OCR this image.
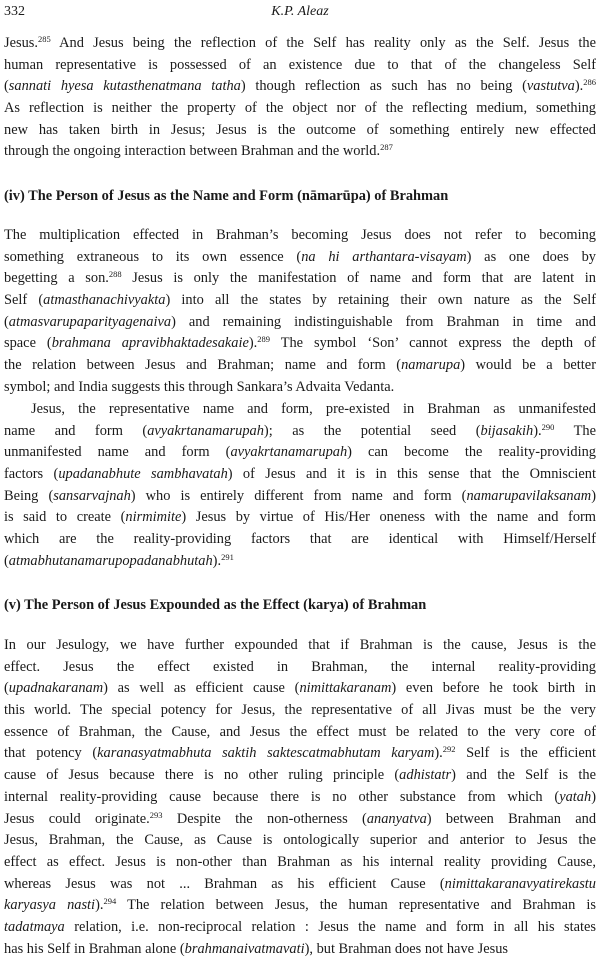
332	K.P. Aleaz
Jesus.$^{285}$ And Jesus being the reflection of the Self has reality only as the Self. Jesus the
human representative is possessed of an existence due to that of the changeless Self
(sannati hyesa kutasthenatmana tatha) though reflection as such has no being (vastutva).$^{286}$
As reflection is neither the property of the object nor of the reflecting medium, something
new has taken birth in Jesus; Jesus is the outcome of something entirely new effected
through the ongoing interaction between Brahman and the world.$^{287}$
(iv) The Person of Jesus as the Name and Form (nāmarūpa) of Brahman
The multiplication effected in Brahman’s becoming Jesus does not refer to becoming
something extraneous to its own essence (na hi arthantara-visayam) as one does by
begetting a son.$^{288}$ Jesus is only the manifestation of name and form that are latent in
Self (atmasthanachivyakta) into all the states by retaining their own nature as the Self
(atmasvarupaparityagenaiva) and remaining indistinguishable from Brahman in time and
space (brahmana apravibhaktadesakaie).$^{289}$ The symbol ‘Son’ cannot express the depth of
the relation between Jesus and Brahman; name and form (namarupa) would be a better
symbol; and India suggests this through Sankara’s Advaita Vedanta.
Jesus, the representative name and form, pre-existed in Brahman as unmanifested
name and form (avyakrtanamarupah); as the potential seed (bijasakih).$^{290}$ The
unmanifested name and form (avyakrtanamarupah) can become the reality-providing
factors (upadanabhute sambhavatah) of Jesus and it is in this sense that the Omniscient
Being (sansarvajnah) who is entirely different from name and form (namarupavilaksanam)
is said to create (nirmimite) Jesus by virtue of His/Her oneness with the name and form
which are the reality-providing factors that are identical with Himself/Herself
(atmabhutanamarupopadanabhutah).$^{291}$
(v) The Person of Jesus Expounded as the Effect (karya) of Brahman
In our Jesulogy, we have further expounded that if Brahman is the cause, Jesus is the
effect. Jesus the effect existed in Brahman, the internal reality-providing
(upadnakaranam) as well as efficient cause (nimittakaranam) even before he took birth in
this world. The special potency for Jesus, the representative of all Jivas must be the very
essence of Brahman, the Cause, and Jesus the effect must be related to the very core of
that potency (karanasyatmabhuta saktih saktescatmabhutam karyam).$^{292}$ Self is the efficient
cause of Jesus because there is no other ruling principle (adhistatr) and the Self is the
internal reality-providing cause because there is no other substance from which (yatah)
Jesus could originate.$^{293}$ Despite the non-otherness (ananyatva) between Brahman and
Jesus, Brahman, the Cause, as Cause is ontologically superior and anterior to Jesus the
effect as effect. Jesus is non-other than Brahman as his internal reality providing Cause,
whereas Jesus was not ... Brahman as his efficient Cause (nimittakaranavyatirekastu
karyasya nasti).$^{294}$ The relation between Jesus, the human representative and Brahman is
tadatmaya relation, i.e. non-reciprocal relation : Jesus the name and form in all his states
has his Self in Brahman alone (brahmanaivatmavati), but Brahman does not have Jesus
